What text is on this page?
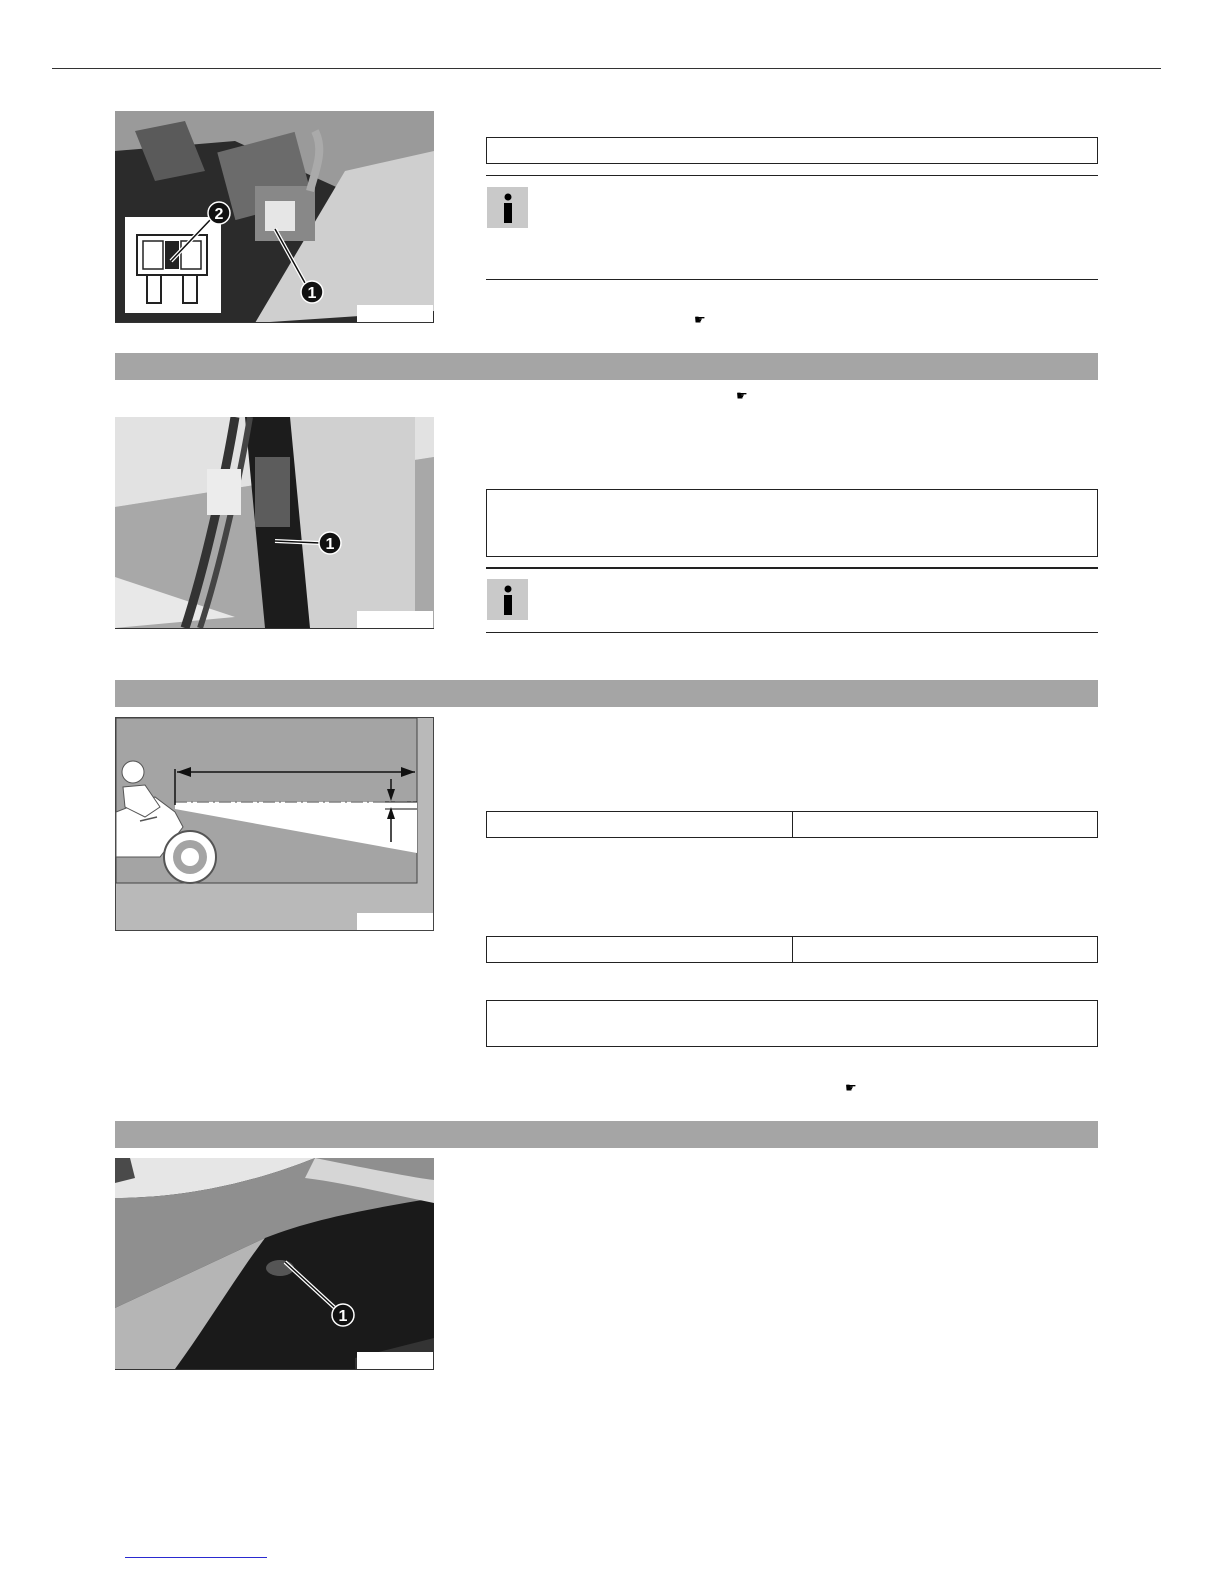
2
1
☛
☛
1
☛
1
